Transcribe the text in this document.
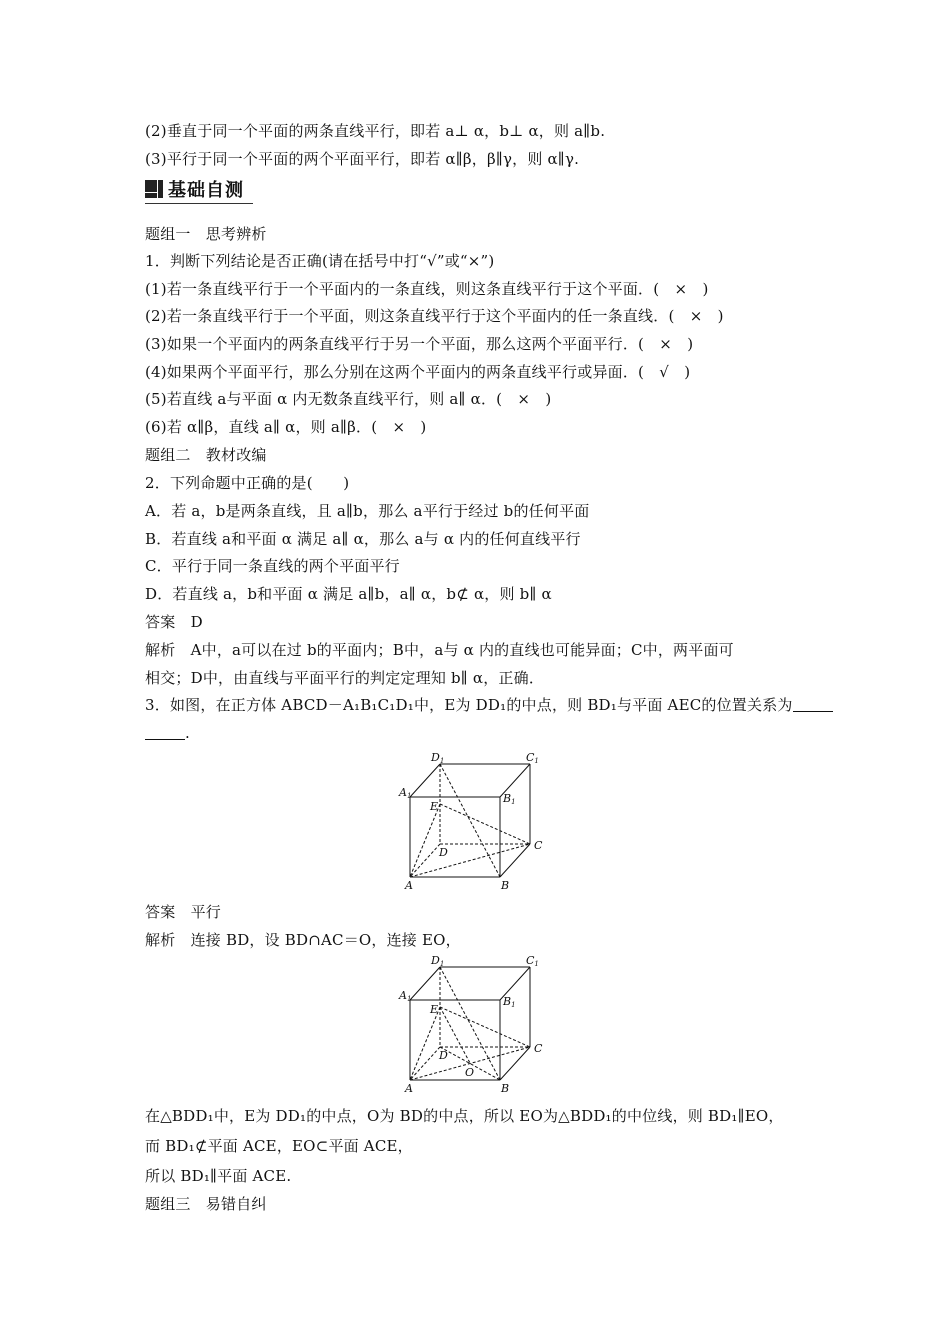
(2)垂直于同一个平面的两条直线平行，即若 a⊥ α，b⊥ α，则 a∥b.
(3)平行于同一个平面的两个平面平行，即若 α∥β，β∥γ，则 α∥γ.
基础自测
题组一　思考辨析
1．判断下列结论是否正确(请在括号中打“√”或“×”)
(1)若一条直线平行于一个平面内的一条直线，则这条直线平行于这个平面．(　×　)
(2)若一条直线平行于一个平面，则这条直线平行于这个平面内的任一条直线．(　×　)
(3)如果一个平面内的两条直线平行于另一个平面，那么这两个平面平行．(　×　)
(4)如果两个平面平行，那么分别在这两个平面内的两条直线平行或异面．(　√　)
(5)若直线 a与平面 α 内无数条直线平行，则 a∥ α．(　×　)
(6)若 α∥β，直线 a∥ α，则 a∥β．(　×　)
题组二　教材改编
2．下列命题中正确的是(　　)
A．若 a，b是两条直线，且 a∥b，那么 a平行于经过 b的任何平面
B．若直线 a和平面 α 满足 a∥ α，那么 a与 α 内的任何直线平行
C．平行于同一条直线的两个平面平行
D．若直线 a，b和平面 α 满足 a∥b，a∥ α，b⊄ α，则 b∥ α
答案　D
解析　A中，a可以在过 b的平面内；B中，a与 α 内的直线也可能异面；C中，两平面可
相交；D中，由直线与平面平行的判定定理知 b∥ α，正确．
3．如图，在正方体 ABCD－A₁B₁C₁D₁中，E为 DD₁的中点，则 BD₁与平面 AEC的位置关系为
.
D1	C1
A1	B1
E
D
C
A	B
答案　平行
解析　连接 BD，设 BD∩AC＝O，连接 EO，
D1	C1
A1	B1
E
D
C
A	B
O
在△BDD₁中，E为 DD₁的中点，O为 BD的中点，所以 EO为△BDD₁的中位线，则 BD₁∥EO，
而 BD₁⊄平面 ACE，EO⊂平面 ACE，
所以 BD₁∥平面 ACE.
题组三　易错自纠
